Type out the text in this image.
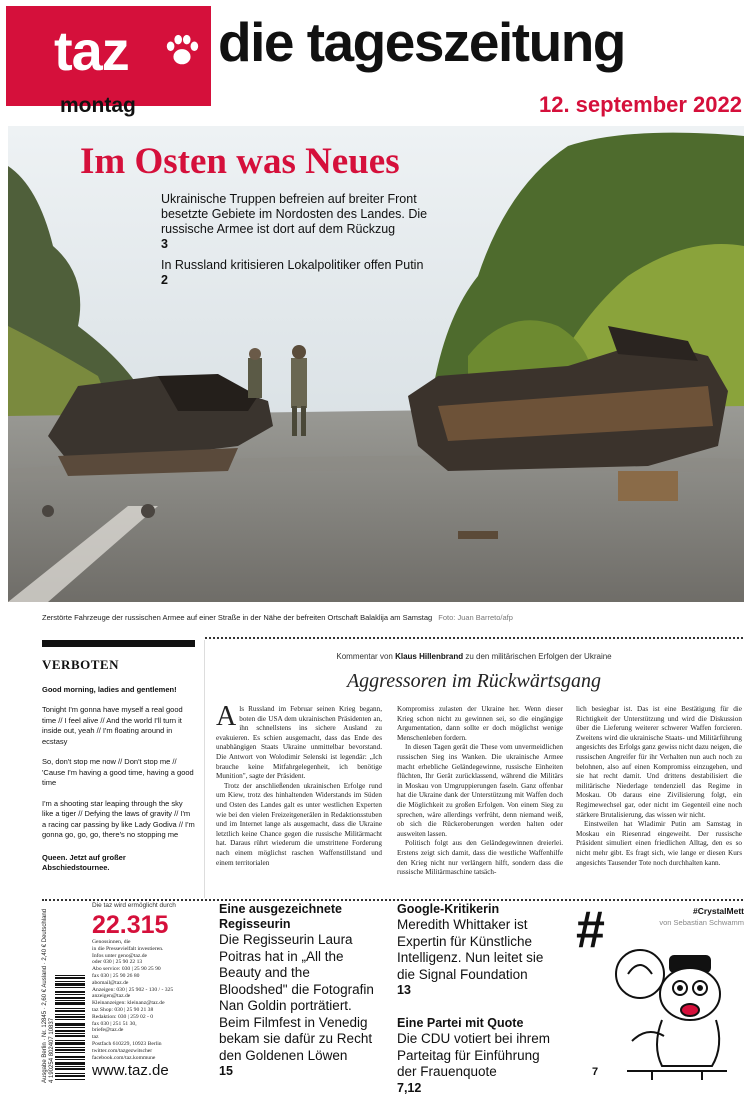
taz die tageszeitung
montag	12. september 2022
Im Osten was Neues
Ukrainische Truppen befreien auf breiter Front besetzte Gebiete im Nordosten des Landes. Die russische Armee ist dort auf dem Rückzug
3
In Russland kritisieren Lokalpolitiker offen Putin
2
Zerstörte Fahrzeuge der russischen Armee auf einer Straße in der Nähe der befreiten Ortschaft Balaklija am Samstag Foto: Juan Barreto/afp
VERBOTEN
Good morning, ladies and gentlemen!
Tonight I'm gonna have myself a real good time // I feel alive // And the world I'll turn it inside out, yeah // I'm floating around in ecstasy
So, don't stop me now // Don't stop me // 'Cause I'm having a good time, having a good time
I'm a shooting star leaping through the sky like a tiger // Defying the laws of gravity // I'm a racing car passing by like Lady Godiva // I'm gonna go, go, go, there's no stopping me
Queen. Jetzt auf großer Abschiedstournee.
Kommentar von Klaus Hillenbrand zu den militärischen Erfolgen der Ukraine
Aggressoren im Rückwärtsgang

Als Russland im Februar seinen Krieg begann, boten die USA dem ukrainischen Präsidenten an, ihn schnellstens ins sichere Ausland zu evakuieren. Es schien ausgemacht, dass das Ende des unabhängigen Staats Ukraine unmittelbar bevorstand. Die Antwort von Wolodimir Selenski ist legendär: „Ich brauche keine Mitfahrgelegenheit, ich benötige Munition", sagte der Präsident.

Trotz der anschließenden ukrainischen Erfolge rund um Kiew, trotz des hinhaltenden Widerstands im Süden und Osten des Landes galt es unter westlichen Experten wie bei den vielen Freizeitgenerälen in Redaktionsstuben und im Internet lange als ausgemacht, dass die Ukraine letztlich keine Chance gegen die russische Militärmacht hat. Daraus rührt wiederum die umstrittene Forderung nach einem möglichst raschen Waffenstillstand und einem territorialen

Kompromiss zulasten der Ukraine her. Wenn dieser Krieg schon nicht zu gewinnen sei, so die eingängige Argumentation, dann sollte er doch möglichst wenige Menschenleben fordern.

In diesen Tagen gerät die These vom unvermeidlichen russischen Sieg ins Wanken. Die ukrainische Armee macht erhebliche Geländegewinne, russische Einheiten flüchten, Ihr Gerät zurücklassend, während die Militärs in Moskau von Umgruppierungen faseln. Ganz offenbar hat die Ukraine dank der Unterstützung mit Waffen doch die Möglichkeit zu großen Erfolgen. Von einem Sieg zu sprechen, wäre allerdings verfrüht, denn niemand weiß, ob sich die Rückeroberungen werden halten oder ausweiten lassen.

Politisch folgt aus den Geländegewinnen dreierlei. Erstens zeigt sich damit, dass die westliche Waffenhilfe den Krieg nicht nur verlängern hilft, sondern dass die russische Militärmaschine tatsäch-

lich besiegbar ist. Das ist eine Bestätigung für die Richtigkeit der Unterstützung und wird die Diskussion über die Lieferung weiterer schwerer Waffen forcieren. Zweitens wird die ukrainische Staats- und Militärführung angesichts des Erfolgs ganz gewiss nicht dazu neigen, die russischen Angreifer für ihr Verhalten nun auch noch zu belohnen, also auf einen Kompromiss einzugehen, und sie hat recht damit. Und drittens destabilisiert die militärische Niederlage tendenziell das Regime in Moskau. Ob daraus eine Zivilisierung folgt, ein Regimewechsel gar, oder nicht im Gegenteil eine noch stärkere Brutalisierung, das wissen wir nicht.

Einstweilen hat Wladimir Putin am Samstag in Moskau ein Riesenrad eingeweiht. Der russische Präsident simuliert einen friedlichen Alltag, den es so nicht mehr gibt. Es fragt sich, wie lange er diesen Kurs angesichts Tausender Tote noch durchhalten kann.

Ausgabe Berlin · Nr. 12845 · 2,60 € Ausland · 2,40 € Deutschland 4 190254 802407 10837
Die taz wird ermöglicht durch
22.315
Genossinnen, die
in die Pressevielfalt investieren.
Infos unter geno@taz.de
oder 030 | 25 90 22 13
Abo service: 030 | 25 90 25 90
fax 030 | 25 90 26 80
abomail@taz.de
Anzeigen: 030 | 25 902 - 130 / - 325
anzeigen@taz.de
Kleinanzeigen: kleinanz@taz.de
taz Shop: 030 | 25 90 21 38
Redaktion: 030 | 259 02 - 0
fax 030 | 251 51 30,
briefe@taz.de
taz
Postfach 610229, 10923 Berlin
twitter.com/tazgezwitscher
facebook.com/taz.kommune
www.taz.de
Eine ausgezeichnete Regisseurin
Die Regisseurin Laura Poitras hat in „All the Beauty and the Bloodshed" die Fotografin Nan Goldin porträtiert. Beim Filmfest in Venedig bekam sie dafür zu Recht den Goldenen Löwen
15
Google-Kritikerin
Meredith Whittaker ist Expertin für Künstliche Intelligenz. Nun leitet sie die Signal Foundation
13
Eine Partei mit Quote
Die CDU votiert bei ihrem Parteitag für Einführung der Frauenquote
7,12
#	#CrystalMett
von Sebastian Schwamm
7
